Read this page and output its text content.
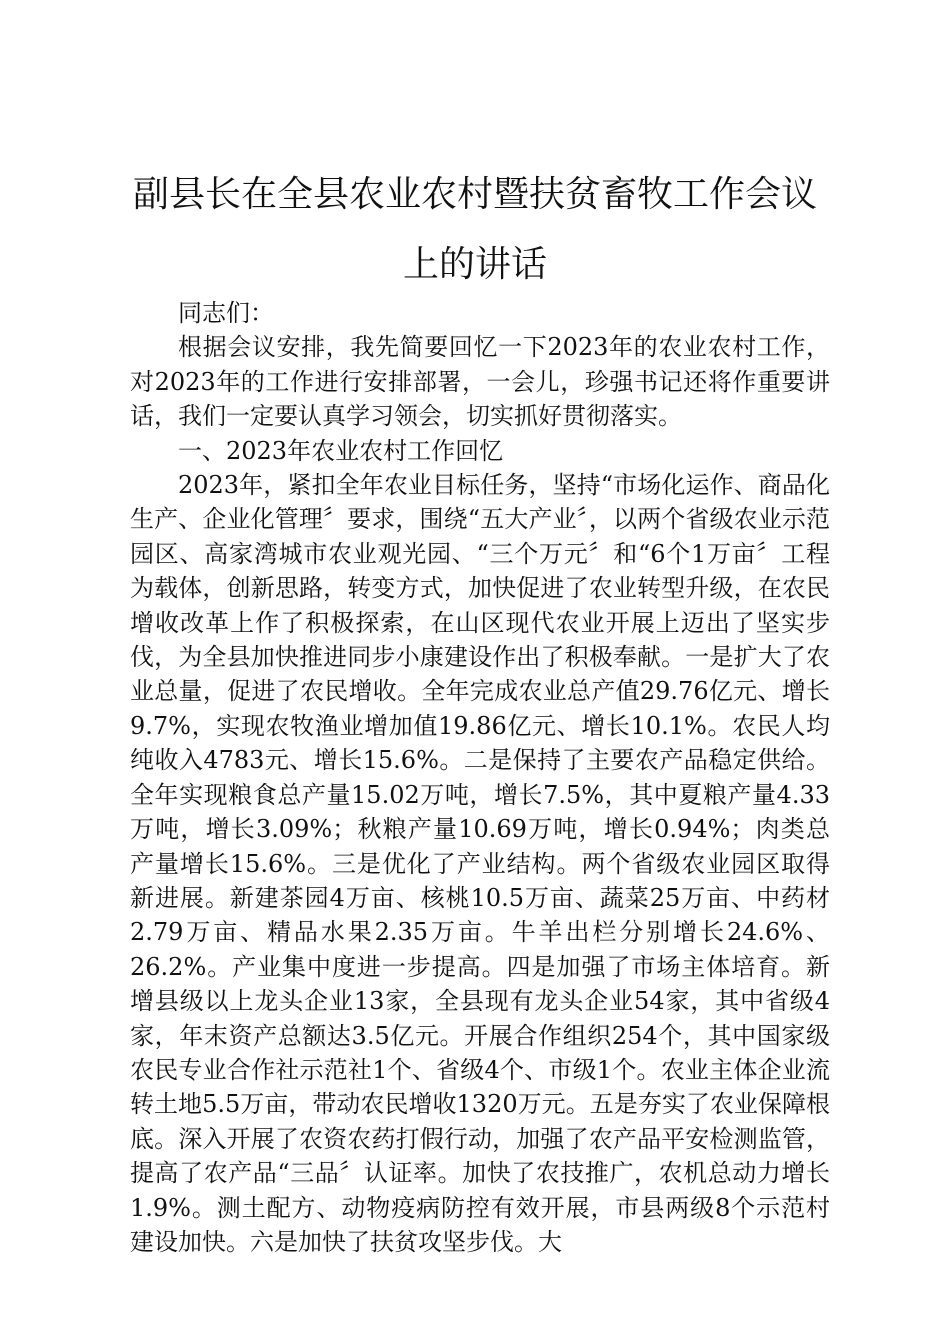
副县长在全县农业农村暨扶贫畜牧工作会议上的讲话

同志们：

根据会议安排，我先简要回忆一下2023年的农业农村工作，对2023年的工作进行安排部署，一会儿，珍强书记还将作重要讲话，我们一定要认真学习领会，切实抓好贯彻落实。

一、2023年农业农村工作回忆

2023年，紧扣全年农业目标任务，坚持“市场化运作、商品化生产、企业化管理〞要求，围绕“五大产业〞，以两个省级农业示范园区、高家湾城市农业观光园、“三个万元〞和“6个1万亩〞工程为载体，创新思路，转变方式，加快促进了农业转型升级，在农民增收改革上作了积极探索，在山区现代农业开展上迈出了坚实步伐，为全县加快推进同步小康建设作出了积极奉献。一是扩大了农业总量，促进了农民增收。全年完成农业总产值29.76亿元、增长9.7%，实现农牧渔业增加值19.86亿元、增长10.1%。农民人均纯收入4783元、增长15.6%。二是保持了主要农产品稳定供给。全年实现粮食总产量15.02万吨，增长7.5%，其中夏粮产量4.33万吨，增长3.09%；秋粮产量10.69万吨，增长0.94%；肉类总产量增长15.6%。三是优化了产业结构。两个省级农业园区取得新进展。新建茶园4万亩、核桃10.5万亩、蔬菜25万亩、中药材2.79万亩、精品水果2.35万亩。牛羊出栏分别增长24.6%、26.2%。产业集中度进一步提高。四是加强了市场主体培育。新增县级以上龙头企业13家，全县现有龙头企业54家，其中省级4家，年末资产总额达3.5亿元。开展合作组织254个，其中国家级农民专业合作社示范社1个、省级4个、市级1个。农业主体企业流转土地5.5万亩，带动农民增收1320万元。五是夯实了农业保障根底。深入开展了农资农药打假行动，加强了农产品平安检测监管，提高了农产品“三品〞认证率。加快了农技推广，农机总动力增长1.9%。测土配方、动物疫病防控有效开展，市县两级8个示范村建设加快。六是加快了扶贫攻坚步伐。大
